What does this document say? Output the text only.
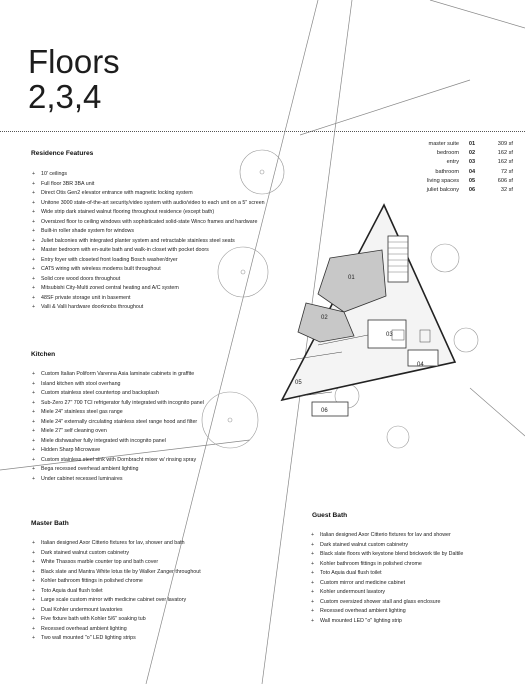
01
02
03
04
05
06
Floors
2,3,4
master suite	01	309 sf
bedroom	02	162 sf
entry	03	162 sf
bathroom	04	72 sf
living spaces	05	606 sf
juliet balcony	06	32 sf
Residence Features
+ 10' ceilings
+ Full floor 3BR 3BA unit
+ Direct Otis Gen2 elevator entrance with magnetic locking system
+ Unitone 3000 state-of-the-art security/video system with audio/video to each unit on a 5" screen
+ Wide strip dark stained walnut flooring throughout residence (except bath)
+ Oversized floor to ceiling windows with sophisticated solid-state Winco frames and hardware
+ Built-in roller shade system for windows
+ Juliet balconies with integrated planter system and retractable stainless steel seats
+ Master bedroom with en-suite bath and walk-in closet with pocket doors
+ Entry foyer with closeted front loading Bosch washer/dryer
+ CAT5 wiring with wireless modems built throughout
+ Solid core wood doors throughout
+ Mitsubishi City-Multi zoned central heating and A/C system
+ 48SF private storage unit in basement
+ Valli & Valli hardware doorknobs throughout
Kitchen
+ Custom Italian Poliform Varenna Asia laminate cabinets in graffite
+ Island kitchen with stool overhang
+ Custom stainless steel countertop and backsplash
+ Sub-Zero 27" 700 TCI refrigerator fully integrated with incognito panel
+ Miele 24" stainless steel gas range
+ Miele 24" externally circulating stainless steel range hood and filter
+ Miele 27" self cleaning oven
+ Miele dishwasher fully integrated with incognito panel
+ Hidden Sharp Microwave
+ Custom stainless steel sink with Dornbracht mixer w/ rinsing spray
+ Bega recessed overhead ambient lighting
+ Under cabinet recessed luminaires
Master Bath
+ Italian designed Axor Citterio fixtures for lav, shower and bath
+ Dark stained walnut custom cabinetry
+ White Thassos marble counter top and bath cover
+ Black slate and Mantra White lotus tile by Walker Zanger throughout
+ Kohler bathroom fittings in polished chrome
+ Toto Aquia dual flush toilet
+ Large scale custom mirror with medicine cabinet over lavatory
+ Dual Kohler undermount lavatories
+ Five fixture bath with Kohler 5/6" soaking tub
+ Recessed overhead ambient lighting
+ Two wall mounted "o" LED lighting strips
Guest Bath
+ Italian designed Axor Citterio fixtures for lav and shower
+ Dark stained walnut custom cabinetry
+ Black slate floors with keystone blend brickwork tile by Daltile
+ Kohler bathroom fittings in polished chrome
+ Toto Aquia dual flush toilet
+ Custom mirror and medicine cabinet
+ Kohler undermount lavatory
+ Custom oversized shower stall and glass enclosure
+ Recessed overhead ambient lighting
+ Wall mounted LED "o" lighting strip
